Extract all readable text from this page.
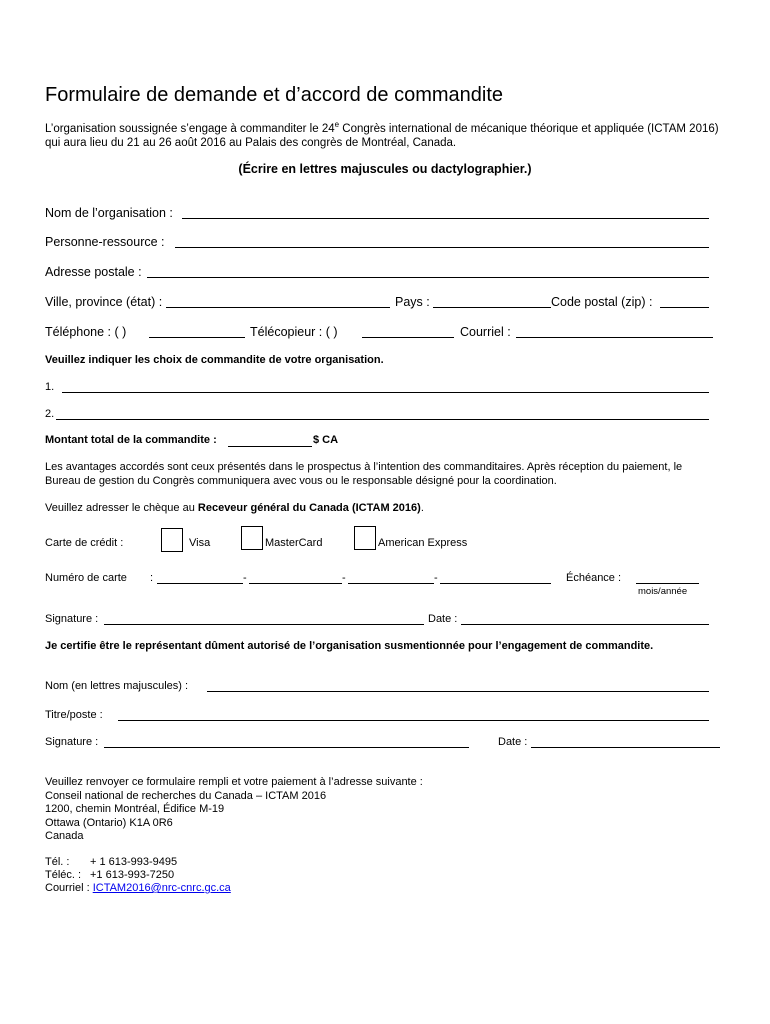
Formulaire de demande et d’accord de commandite
L’organisation soussignée s’engage à commanditer le 24e Congrès international de mécanique théorique et appliquée (ICTAM 2016)
qui aura lieu du 21 au 26 août 2016 au Palais des congrès de Montréal, Canada.
(Écrire en lettres majuscules ou dactylographier.)
Nom de l’organisation :
Personne-ressource :
Adresse postale :
Ville, province (état) :	Pays :	Code postal (zip) :
Téléphone : ( )	Télécopieur : ( )	Courriel :
Veuillez indiquer les choix de commandite de votre organisation.
1.
2.
Montant total de la commandite :	$ CA
Les avantages accordés sont ceux présentés dans le prospectus à l’intention des commanditaires. Après réception du paiement, le
Bureau de gestion du Congrès communiquera avec vous ou le responsable désigné pour la coordination.
Veuillez adresser le chèque au Receveur général du Canada (ICTAM 2016).
Carte de crédit :	Visa	MasterCard	American Express
Numéro de carte :	-	-	-	Échéance :
mois/année
Signature :	Date :
Je certifie être le représentant dûment autorisé de l’organisation susmentionnée pour l’engagement de commandite.
Nom (en lettres majuscules) :
Titre/poste :
Signature :	Date :
Veuillez renvoyer ce formulaire rempli et votre paiement à l’adresse suivante :
Conseil national de recherches du Canada – ICTAM 2016
1200, chemin Montréal, Édifice M-19
Ottawa (Ontario) K1A 0R6
Canada
Tél. : + 1 613-993-9495
Téléc. : +1 613-993-7250
Courriel : ICTAM2016@nrc-cnrc.gc.ca
